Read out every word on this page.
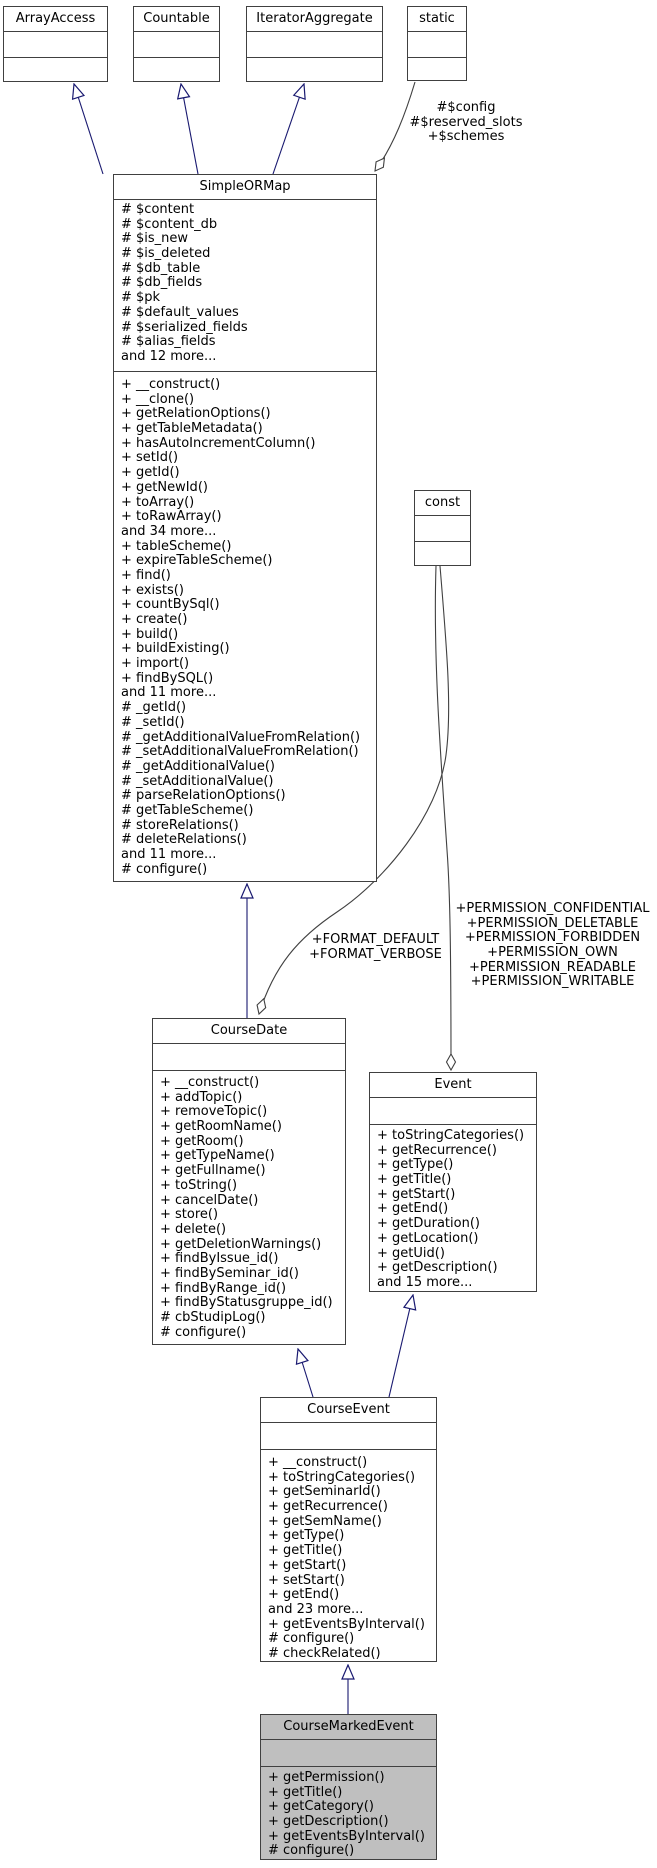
#$config
#$reserved_slots
+$schemes
+FORMAT_DEFAULT
+FORMAT_VERBOSE
+PERMISSION_CONFIDENTIAL
+PERMISSION_DELETABLE
+PERMISSION_FORBIDDEN
+PERMISSION_OWN
+PERMISSION_READABLE
+PERMISSION_WRITABLE
ArrayAccess	Countable	IteratorAggregate	static
SimpleORMap
# $content
# $content_db
# $is_new
# $is_deleted
# $db_table
# $db_fields
# $pk
# $default_values
# $serialized_fields
# $alias_fields
and 12 more...
+ __construct()
+ __clone()
+ getRelationOptions()
+ getTableMetadata()
+ hasAutoIncrementColumn()
+ setId()
+ getId()
+ getNewId()
+ toArray()
+ toRawArray()
and 34 more...
+ tableScheme()
+ expireTableScheme()
+ find()
+ exists()
+ countBySql()
+ create()
+ build()
+ buildExisting()
+ import()
+ findBySQL()
and 11 more...
# _getId()
# _setId()
# _getAdditionalValueFromRelation()
# _setAdditionalValueFromRelation()
# _getAdditionalValue()
# _setAdditionalValue()
# parseRelationOptions()
# getTableScheme()
# storeRelations()
# deleteRelations()
and 11 more...
# configure()
const
CourseDate
+ __construct()
+ addTopic()
+ removeTopic()
+ getRoomName()
+ getRoom()
+ getTypeName()
+ getFullname()
+ toString()
+ cancelDate()
+ store()
+ delete()
+ getDeletionWarnings()
+ findByIssue_id()
+ findBySeminar_id()
+ findByRange_id()
+ findByStatusgruppe_id()
# cbStudipLog()
# configure()
Event
+ toStringCategories()
+ getRecurrence()
+ getType()
+ getTitle()
+ getStart()
+ getEnd()
+ getDuration()
+ getLocation()
+ getUid()
+ getDescription()
and 15 more...
CourseEvent
+ __construct()
+ toStringCategories()
+ getSeminarId()
+ getRecurrence()
+ getSemName()
+ getType()
+ getTitle()
+ getStart()
+ setStart()
+ getEnd()
and 23 more...
+ getEventsByInterval()
# configure()
# checkRelated()
CourseMarkedEvent
+ getPermission()
+ getTitle()
+ getCategory()
+ getDescription()
+ getEventsByInterval()
# configure()
